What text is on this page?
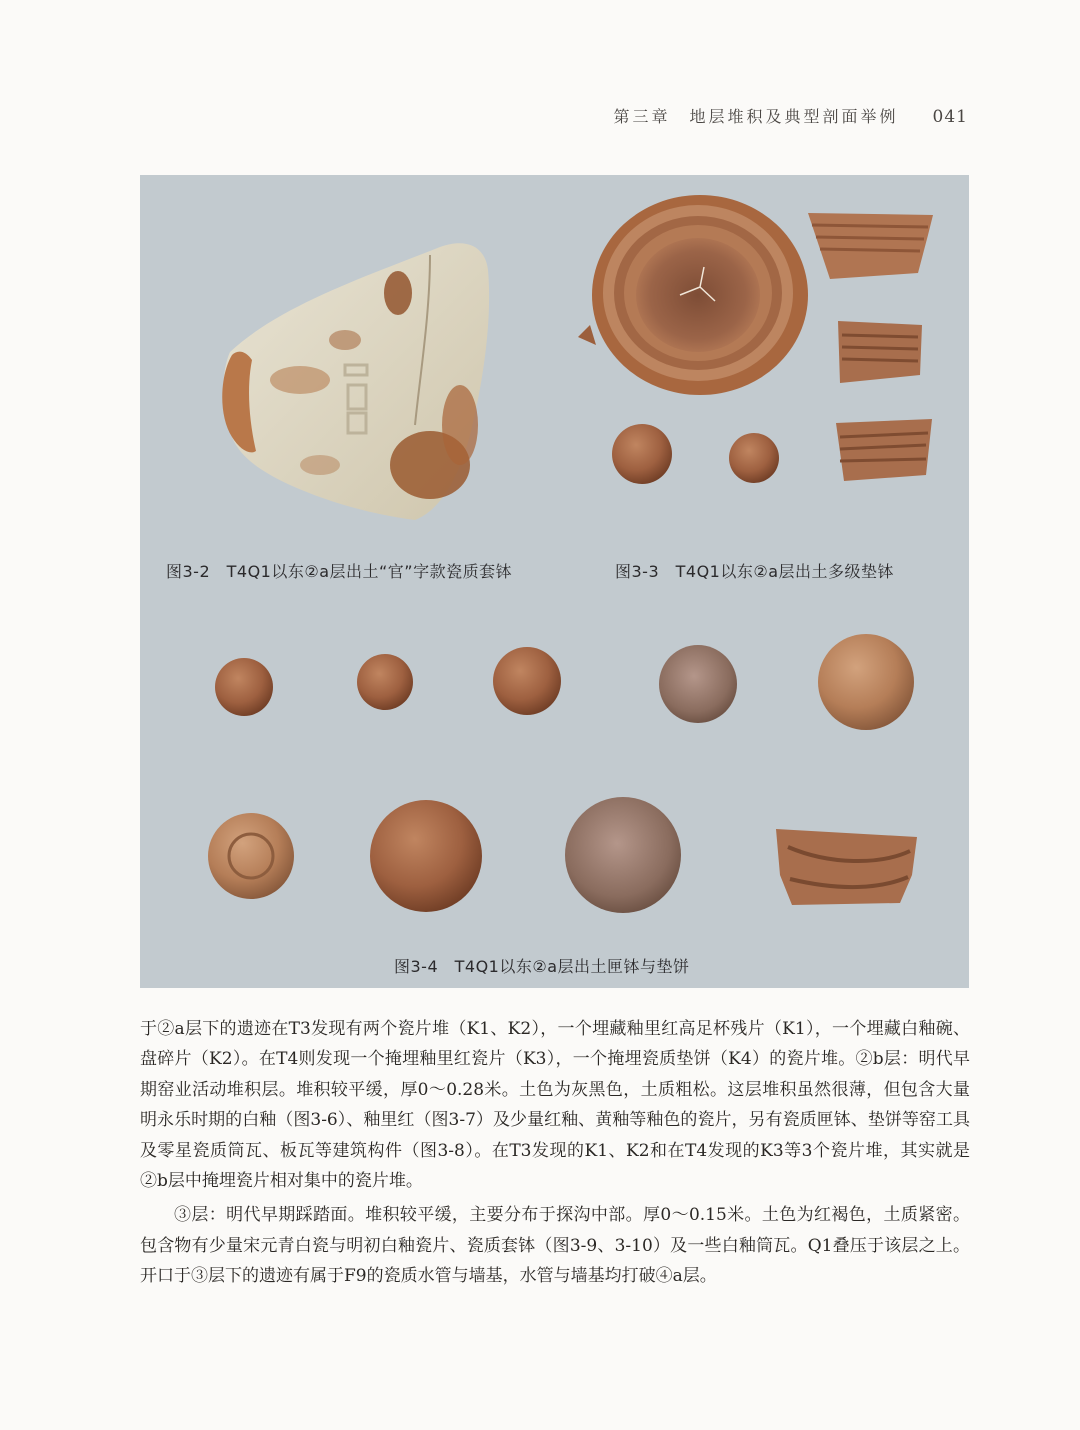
第三章　地层堆积及典型剖面举例 041
图3-2　T4Q1以东②a层出土“官”字款瓷质套钵	图3-3　T4Q1以东②a层出土多级垫钵
图3-4　T4Q1以东②a层出土匣钵与垫饼

于②a层下的遗迹在T3发现有两个瓷片堆（K1、K2），一个埋藏釉里红高足杯残片（K1），一个埋藏白釉碗、盘碎片（K2）。在T4则发现一个掩埋釉里红瓷片（K3），一个掩埋瓷质垫饼（K4）的瓷片堆。②b层：明代早期窑业活动堆积层。堆积较平缓，厚0～0.28米。土色为灰黑色，土质粗松。这层堆积虽然很薄，但包含大量明永乐时期的白釉（图3-6）、釉里红（图3-7）及少量红釉、黄釉等釉色的瓷片，另有瓷质匣钵、垫饼等窑工具及零星瓷质筒瓦、板瓦等建筑构件（图3-8）。在T3发现的K1、K2和在T4发现的K3等3个瓷片堆，其实就是②b层中掩埋瓷片相对集中的瓷片堆。

③层：明代早期踩踏面。堆积较平缓，主要分布于探沟中部。厚0～0.15米。土色为红褐色，土质紧密。包含物有少量宋元青白瓷与明初白釉瓷片、瓷质套钵（图3-9、3-10）及一些白釉筒瓦。Q1叠压于该层之上。开口于③层下的遗迹有属于F9的瓷质水管与墙基，水管与墙基均打破④a层。
